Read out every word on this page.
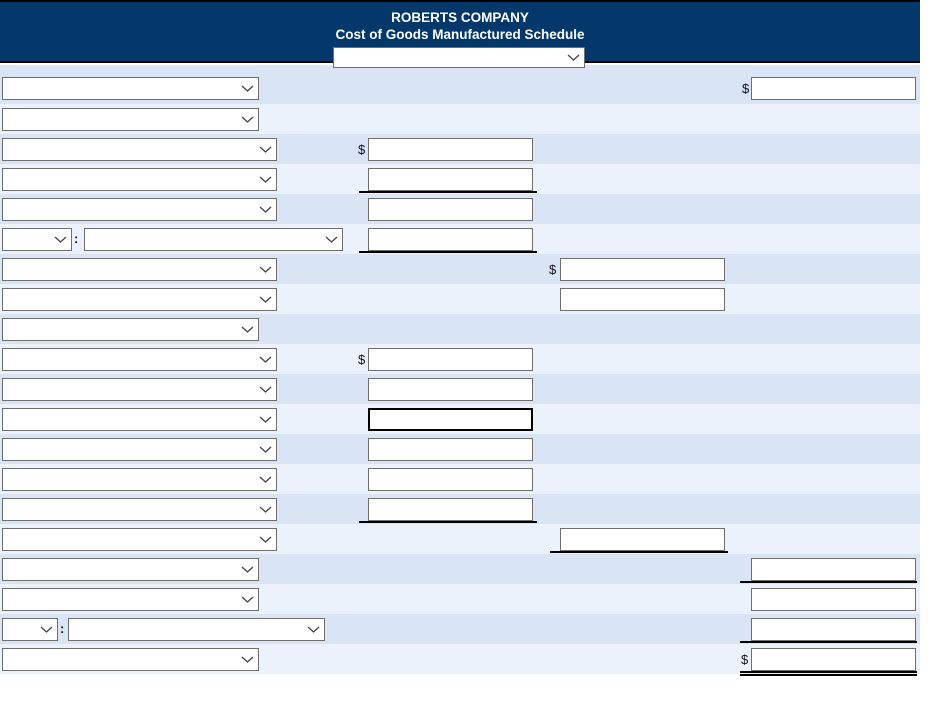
ROBERTS COMPANY
Cost of Goods Manufactured Schedule
$
$
:
$
$
:
$
